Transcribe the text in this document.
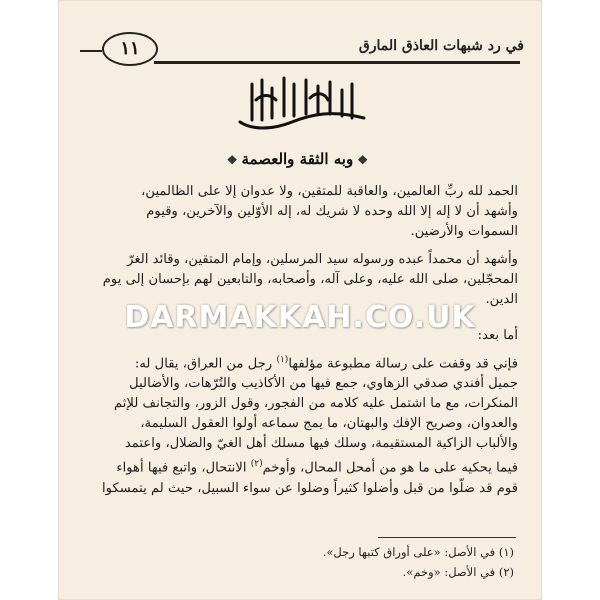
١١	في رد شبهات العاذق المارق
❖وبه الثقة والعصمة❖
الحمد لله ربِّ العالمين، والعاقبة للمتقين، ولا عدوان إلا على الظالمين،
وأشهد أن لا إله إلا الله وحده لا شريك له، إله الأوّلين والآخرين، وقيوم
السموات والأرضين.
وأشهد أن محمداً عبده ورسوله سيد المرسلين، وإمام المتقين، وقائد الغرّ
المحجّلين، صلى الله عليه، وعلى آله، وأصحابه، والتابعين لهم بإحسان إلى يوم
الدين.
أما بعد:
فإني قد وقفت على رسالة مطبوعة مؤلفها$^{(١)}$ رجل من العراق، يقال له:
جميل أفندي صدقي الزهاوي، جمع فيها من الأكاذيب والتُرّهات، والأضاليل
المنكرات، مع ما اشتمل عليه كلامه من الفجور، وقول الزور، والتجانف للإثم
والعدوان، وصريح الإفك والبهتان، ما يمج سماعه أولوا العقول السليمة،
والألباب الزاكية المستقيمة، وسلك فيها مسلك أهل الغيّ والضلال، واعتمد
فيما يحكيه على ما هو من أمحل المحال، وأوخم$^{(٢)}$ الانتحال، واتبع فيها أهواء
قوم قد ضلّوا من قبل وأضلوا كثيراً وضلوا عن سواء السبيل، حيث لم يتمسكوا
DARMAKKAH.CO.UK
(١) في الأصل: «على أوراق كتبها رجل».
(٢) في الأصل: «وخم».
